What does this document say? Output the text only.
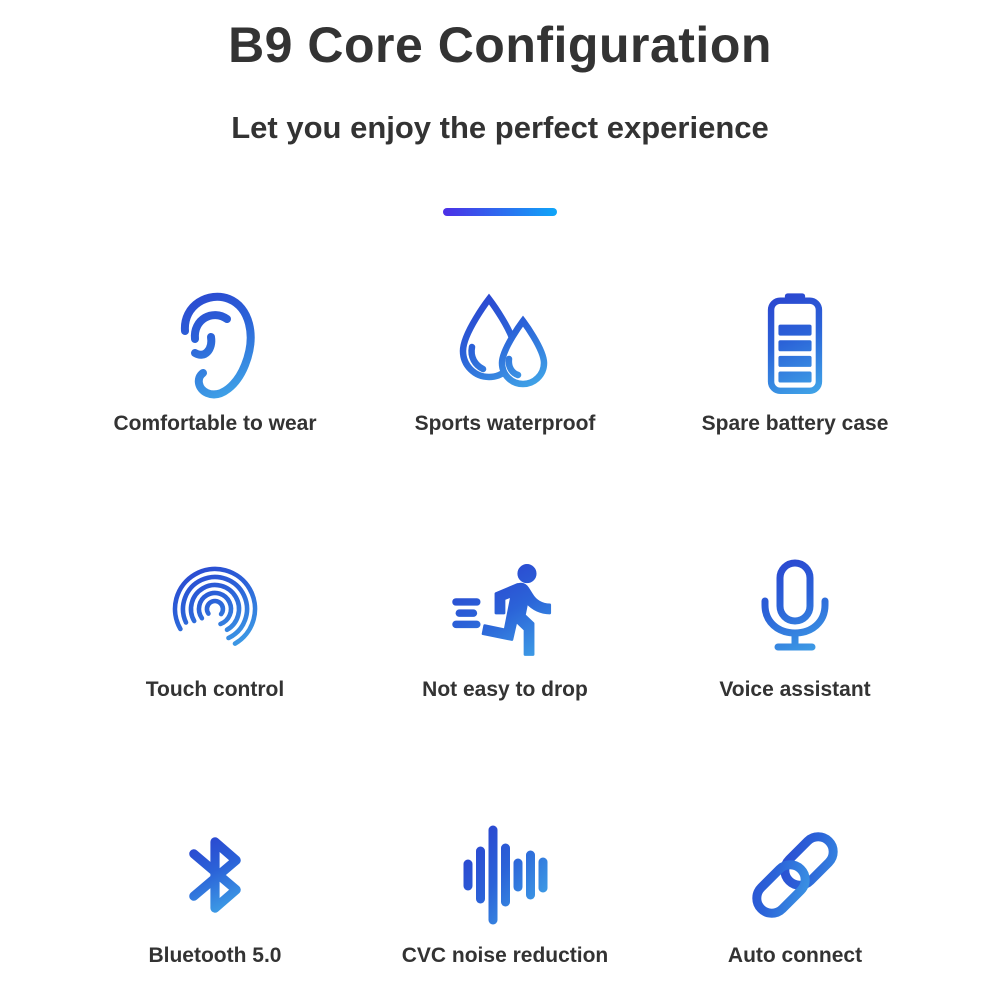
B9 Core Configuration
Let you enjoy the perfect experience
Comfortable to wear	Sports waterproof	Spare battery case
Touch control	Not easy to drop	Voice assistant
Bluetooth 5.0	CVC noise reduction	Auto connect
